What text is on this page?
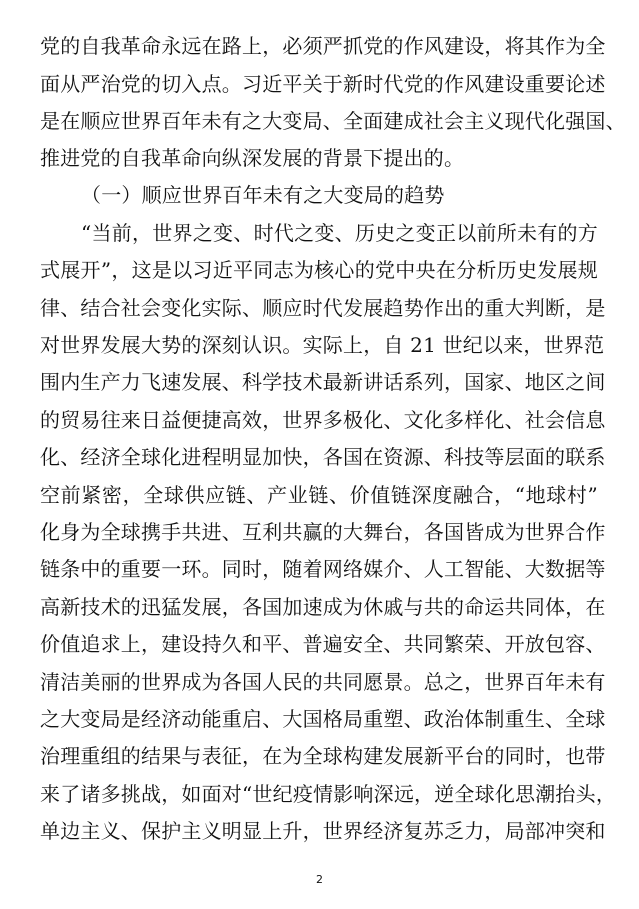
党的自我革命永远在路上，必须严抓党的作风建设，将其作为全
面从严治党的切入点。习近平关于新时代党的作风建设重要论述
是在顺应世界百年未有之大变局、全面建成社会主义现代化强国、
推进党的自我革命向纵深发展的背景下提出的。
（一）顺应世界百年未有之大变局的趋势
“当前，世界之变、时代之变、历史之变正以前所未有的方
式展开”，这是以习近平同志为核心的党中央在分析历史发展规
律、结合社会变化实际、顺应时代发展趋势作出的重大判断，是
对世界发展大势的深刻认识。实际上，自 21 世纪以来，世界范
围内生产力飞速发展、科学技术最新讲话系列，国家、地区之间
的贸易往来日益便捷高效，世界多极化、文化多样化、社会信息
化、经济全球化进程明显加快，各国在资源、科技等层面的联系
空前紧密，全球供应链、产业链、价值链深度融合，“地球村”
化身为全球携手共进、互利共赢的大舞台，各国皆成为世界合作
链条中的重要一环。同时，随着网络媒介、人工智能、大数据等
高新技术的迅猛发展，各国加速成为休戚与共的命运共同体，在
价值追求上，建设持久和平、普遍安全、共同繁荣、开放包容、
清洁美丽的世界成为各国人民的共同愿景。总之，世界百年未有
之大变局是经济动能重启、大国格局重塑、政治体制重生、全球
治理重组的结果与表征，在为全球构建发展新平台的同时，也带
来了诸多挑战，如面对“世纪疫情影响深远，逆全球化思潮抬头，
单边主义、保护主义明显上升，世界经济复苏乏力，局部冲突和
2
